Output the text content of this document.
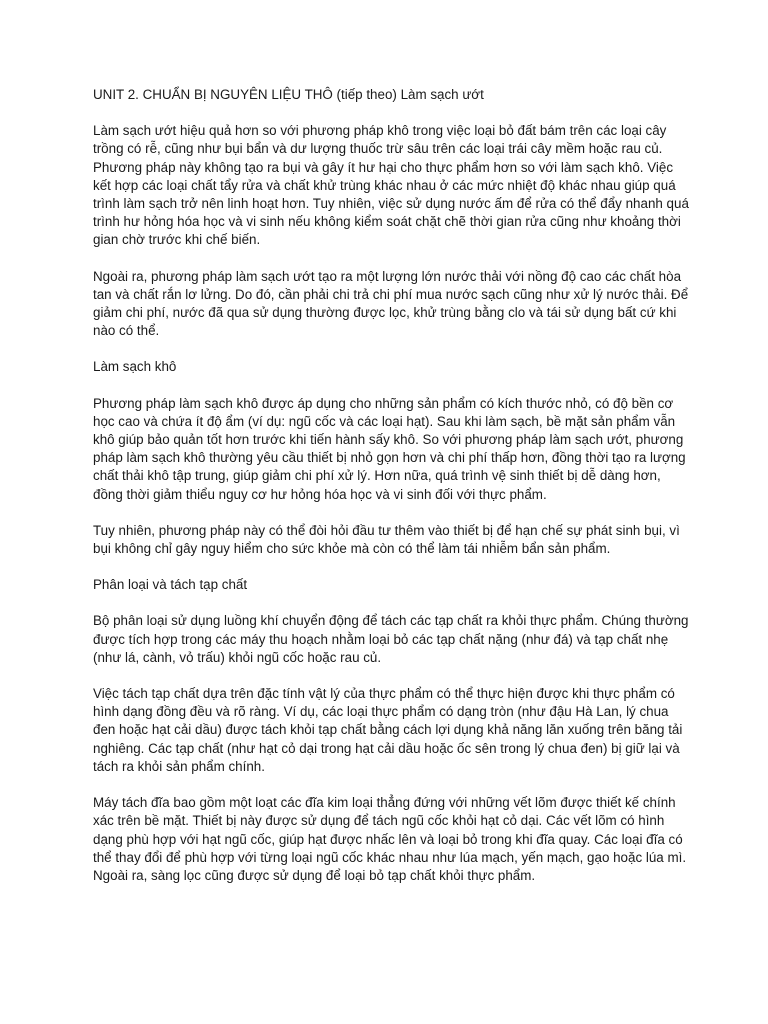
UNIT 2. CHUẨN BỊ NGUYÊN LIỆU THÔ (tiếp theo) Làm sạch ướt

Làm sạch ướt hiệu quả hơn so với phương pháp khô trong việc loại bỏ đất bám trên các loại cây trồng có rễ, cũng như bụi bẩn và dư lượng thuốc trừ sâu trên các loại trái cây mềm hoặc rau củ. Phương pháp này không tạo ra bụi và gây ít hư hại cho thực phẩm hơn so với làm sạch khô. Việc kết hợp các loại chất tẩy rửa và chất khử trùng khác nhau ở các mức nhiệt độ khác nhau giúp quá trình làm sạch trở nên linh hoạt hơn. Tuy nhiên, việc sử dụng nước ấm để rửa có thể đẩy nhanh quá trình hư hỏng hóa học và vi sinh nếu không kiểm soát chặt chẽ thời gian rửa cũng như khoảng thời gian chờ trước khi chế biến.

Ngoài ra, phương pháp làm sạch ướt tạo ra một lượng lớn nước thải với nồng độ cao các chất hòa tan và chất rắn lơ lửng. Do đó, cần phải chi trả chi phí mua nước sạch cũng như xử lý nước thải. Để giảm chi phí, nước đã qua sử dụng thường được lọc, khử trùng bằng clo và tái sử dụng bất cứ khi nào có thể.

Làm sạch khô

Phương pháp làm sạch khô được áp dụng cho những sản phẩm có kích thước nhỏ, có độ bền cơ học cao và chứa ít độ ẩm (ví dụ: ngũ cốc và các loại hạt). Sau khi làm sạch, bề mặt sản phẩm vẫn khô giúp bảo quản tốt hơn trước khi tiến hành sấy khô. So với phương pháp làm sạch ướt, phương pháp làm sạch khô thường yêu cầu thiết bị nhỏ gọn hơn và chi phí thấp hơn, đồng thời tạo ra lượng chất thải khô tập trung, giúp giảm chi phí xử lý. Hơn nữa, quá trình vệ sinh thiết bị dễ dàng hơn, đồng thời giảm thiểu nguy cơ hư hỏng hóa học và vi sinh đối với thực phẩm.

Tuy nhiên, phương pháp này có thể đòi hỏi đầu tư thêm vào thiết bị để hạn chế sự phát sinh bụi, vì bụi không chỉ gây nguy hiểm cho sức khỏe mà còn có thể làm tái nhiễm bẩn sản phẩm.

Phân loại và tách tạp chất

Bộ phân loại sử dụng luồng khí chuyển động để tách các tạp chất ra khỏi thực phẩm. Chúng thường được tích hợp trong các máy thu hoạch nhằm loại bỏ các tạp chất nặng (như đá) và tạp chất nhẹ (như lá, cành, vỏ trấu) khỏi ngũ cốc hoặc rau củ.

Việc tách tạp chất dựa trên đặc tính vật lý của thực phẩm có thể thực hiện được khi thực phẩm có hình dạng đồng đều và rõ ràng. Ví dụ, các loại thực phẩm có dạng tròn (như đậu Hà Lan, lý chua đen hoặc hạt cải dầu) được tách khỏi tạp chất bằng cách lợi dụng khả năng lăn xuống trên băng tải nghiêng. Các tạp chất (như hạt cỏ dại trong hạt cải dầu hoặc ốc sên trong lý chua đen) bị giữ lại và tách ra khỏi sản phẩm chính.

Máy tách đĩa bao gồm một loạt các đĩa kim loại thẳng đứng với những vết lõm được thiết kế chính xác trên bề mặt. Thiết bị này được sử dụng để tách ngũ cốc khỏi hạt cỏ dại. Các vết lõm có hình dạng phù hợp với hạt ngũ cốc, giúp hạt được nhấc lên và loại bỏ trong khi đĩa quay. Các loại đĩa có thể thay đổi để phù hợp với từng loại ngũ cốc khác nhau như lúa mạch, yến mạch, gạo hoặc lúa mì. Ngoài ra, sàng lọc cũng được sử dụng để loại bỏ tạp chất khỏi thực phẩm.
